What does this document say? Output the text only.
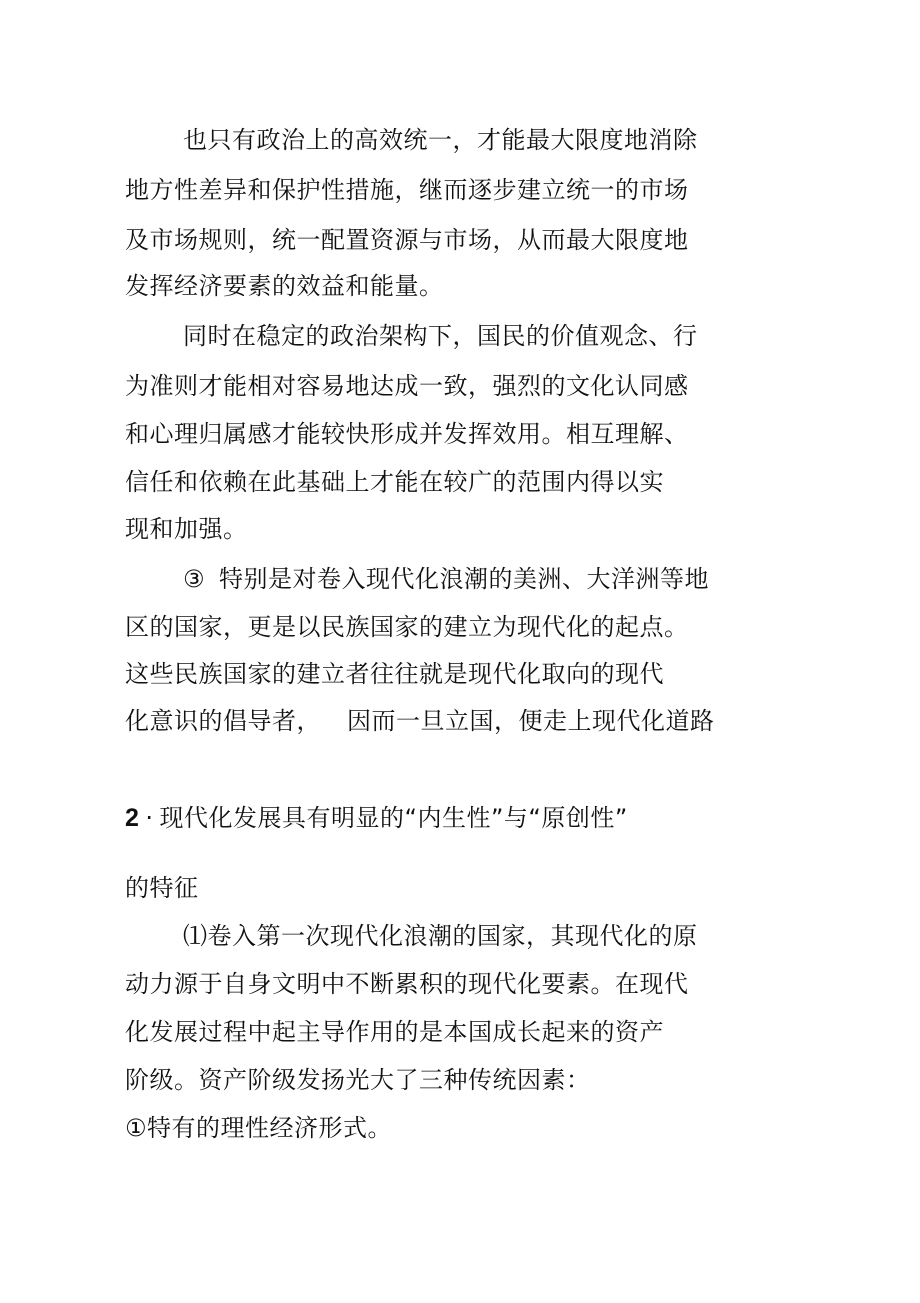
也只有政治上的高效统一，才能最大限度地消除
地方性差异和保护性措施，继而逐步建立统一的市场
及市场规则，统一配置资源与市场，从而最大限度地
发挥经济要素的效益和能量。
同时在稳定的政治架构下，国民的价值观念、行
为准则才能相对容易地达成一致，强烈的文化认同感
和心理归属感才能较快形成并发挥效用。相互理解、
信任和依赖在此基础上才能在较广的范围内得以实
现和加强。
③ 特别是对卷入现代化浪潮的美洲、大洋洲等地
区的国家，更是以民族国家的建立为现代化的起点。
这些民族国家的建立者往往就是现代化取向的现代
化意识的倡导者， 因而一旦立国，便走上现代化道路
2 · 现代化发展具有明显的“内生性”与“原创性”
的特征
⑴卷入第一次现代化浪潮的国家，其现代化的原
动力源于自身文明中不断累积的现代化要素。在现代
化发展过程中起主导作用的是本国成长起来的资产
阶级。资产阶级发扬光大了三种传统因素：
①特有的理性经济形式。
